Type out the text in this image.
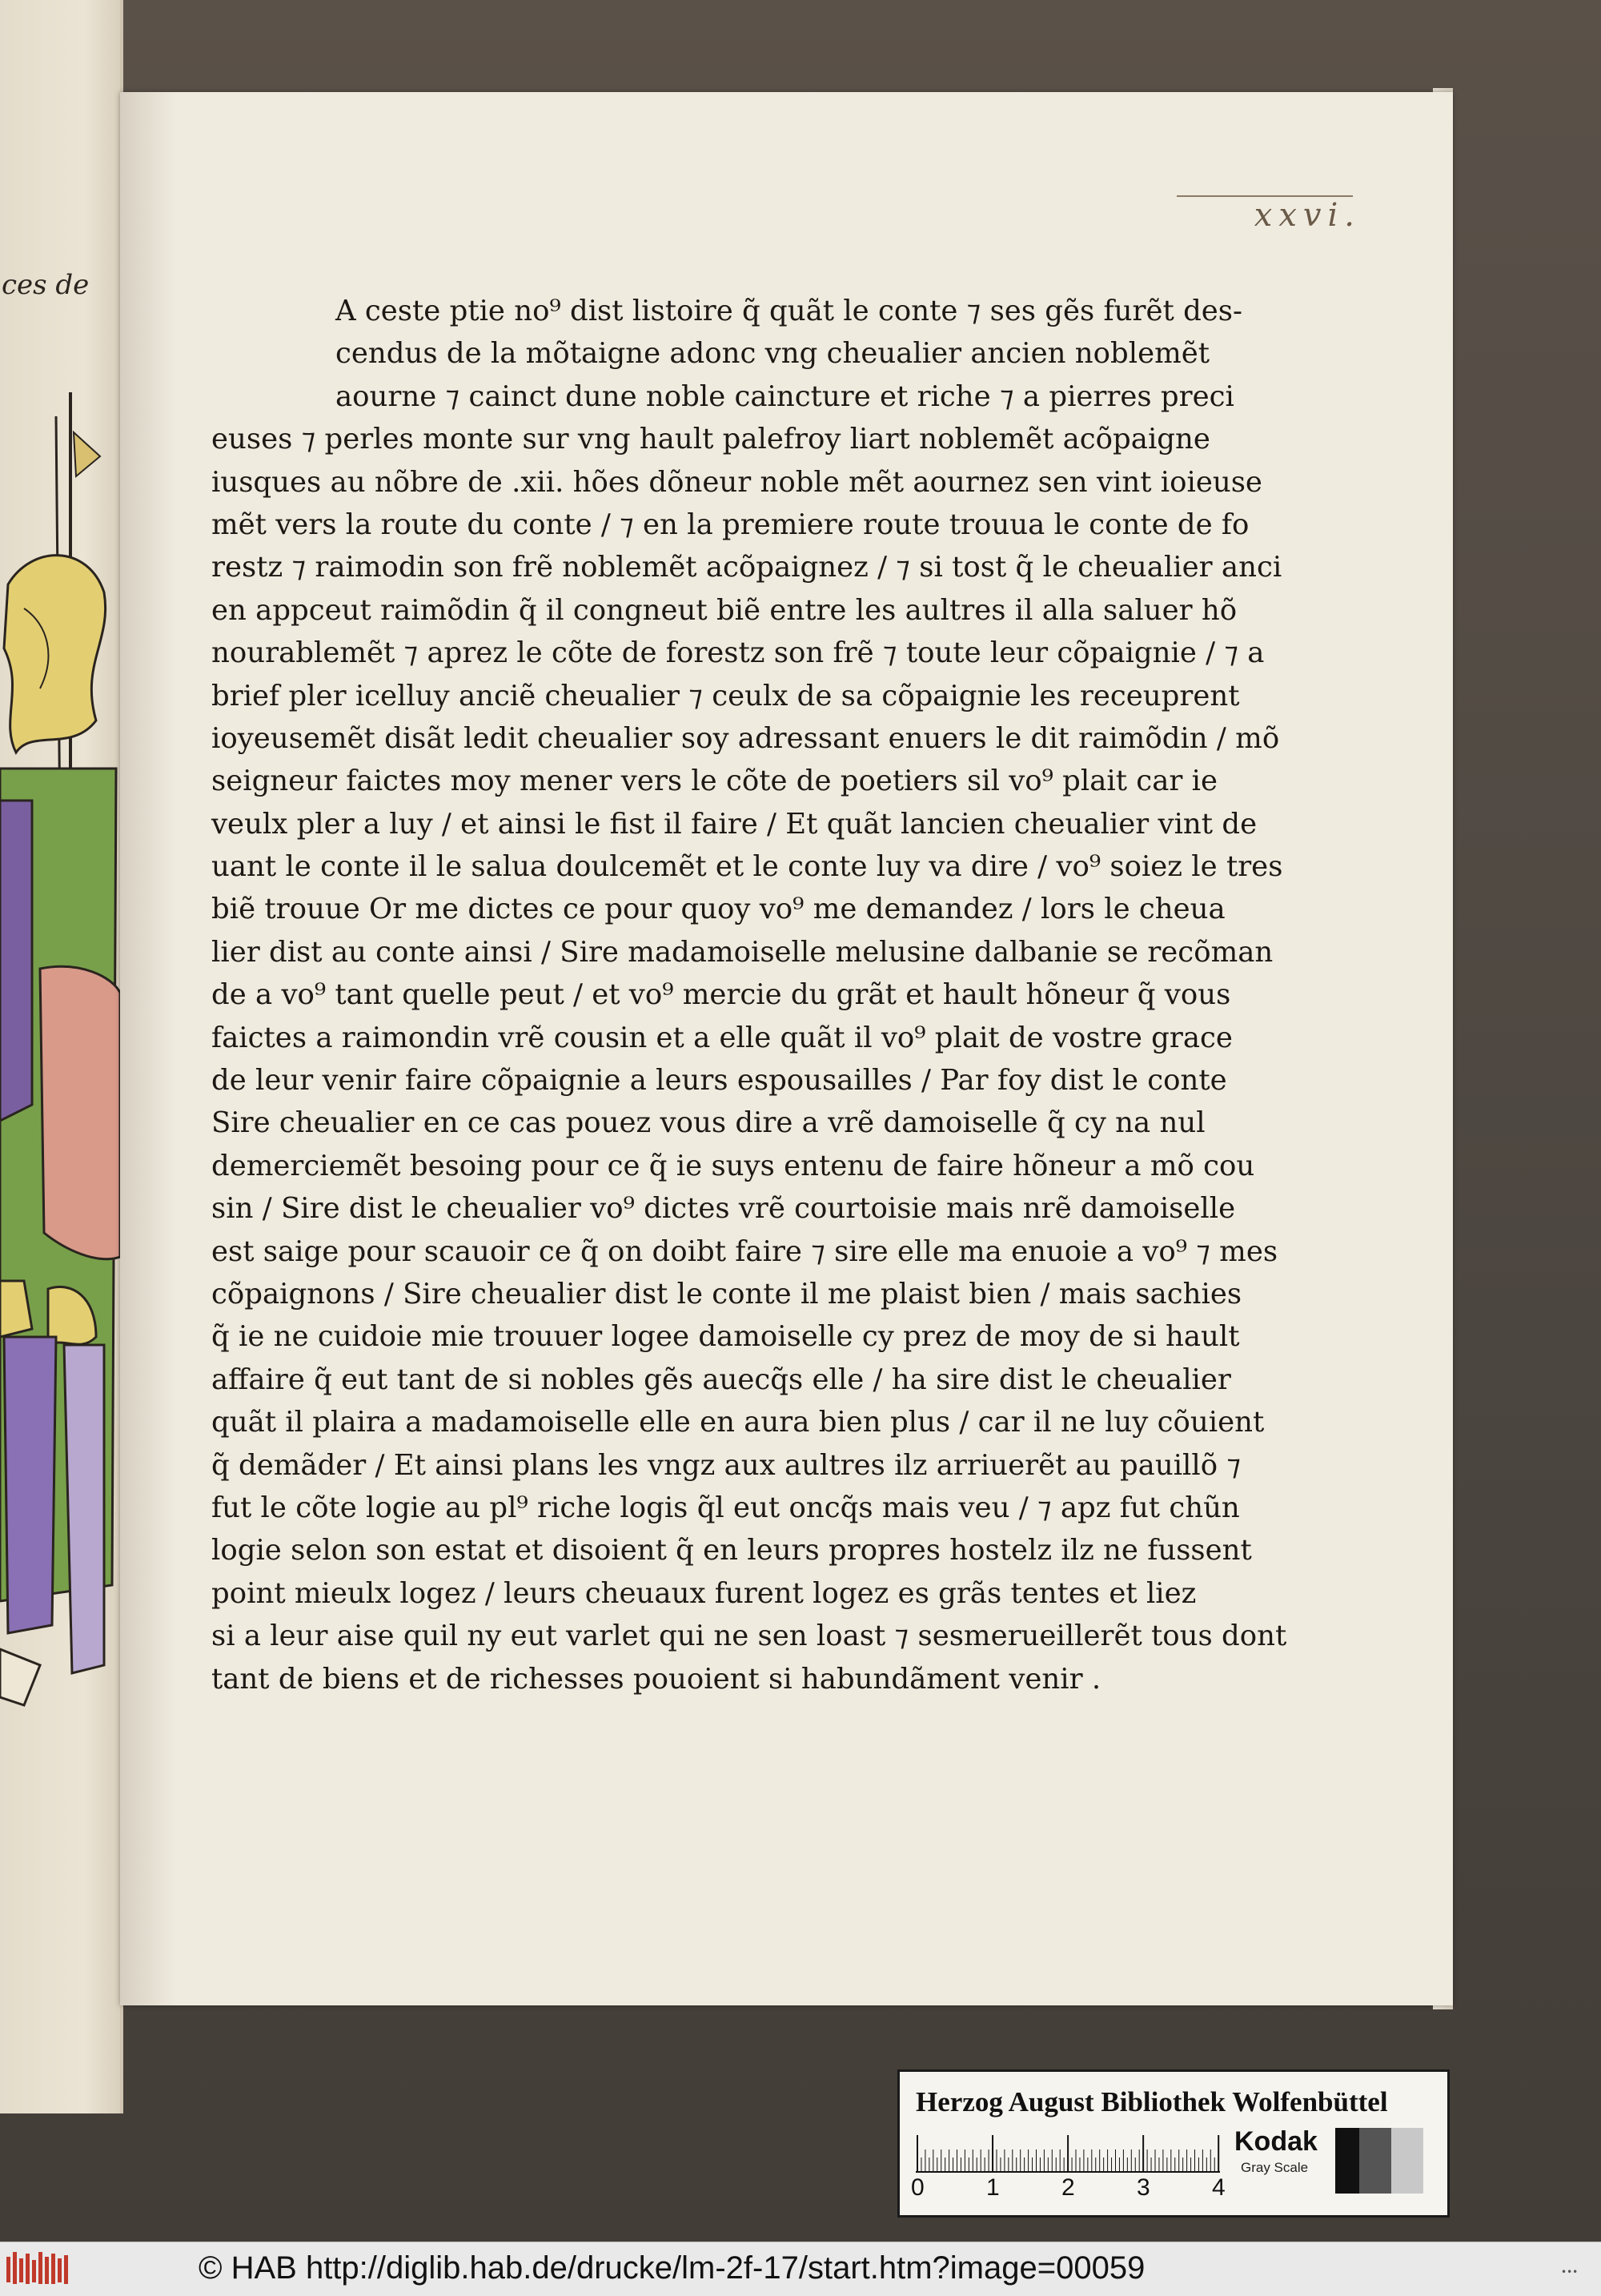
ces de
xxvi.
A ceste ptie no⁹ dist listoire q̃ quãt le conte ⁊ ses gẽs furẽt des-
cendus de la mõtaigne adonc vng cheualier ancien noblemẽt
aourne ⁊ cainct dune noble caincture et riche ⁊ a pierres preci
euses ⁊ perles monte sur vng hault palefroy liart noblemẽt acõpaigne
iusques au nõbre de .xii. hões dõneur noble mẽt aournez sen vint ioieuse
mẽt vers la route du conte / ⁊ en la premiere route trouua le conte de fo
restz ⁊ raimodin son frẽ noblemẽt acõpaignez / ⁊ si tost q̃ le cheualier anci
en appceut raimõdin q̃ il congneut biẽ entre les aultres il alla saluer hõ
nourablemẽt ⁊ aprez le cõte de forestz son frẽ ⁊ toute leur cõpaignie / ⁊ a
brief pler icelluy anciẽ cheualier ⁊ ceulx de sa cõpaignie les receuprent
ioyeusemẽt disãt ledit cheualier soy adressant enuers le dit raimõdin / mõ
seigneur faictes moy mener vers le cõte de poetiers sil vo⁹ plait car ie
veulx pler a luy / et ainsi le fist il faire / Et quãt lancien cheualier vint de
uant le conte il le salua doulcemẽt et le conte luy va dire / vo⁹ soiez le tres
biẽ trouue Or me dictes ce pour quoy vo⁹ me demandez / lors le cheua
lier dist au conte ainsi / Sire madamoiselle melusine dalbanie se recõman
de a vo⁹ tant quelle peut / et vo⁹ mercie du grãt et hault hõneur q̃ vous
faictes a raimondin vrẽ cousin et a elle quãt il vo⁹ plait de vostre grace
de leur venir faire cõpaignie a leurs espousailles / Par foy dist le conte
Sire cheualier en ce cas pouez vous dire a vrẽ damoiselle q̃ cy na nul
demerciemẽt besoing pour ce q̃ ie suys entenu de faire hõneur a mõ cou
sin / Sire dist le cheualier vo⁹ dictes vrẽ courtoisie mais nrẽ damoiselle
est saige pour scauoir ce q̃ on doibt faire ⁊ sire elle ma enuoie a vo⁹ ⁊ mes
cõpaignons / Sire cheualier dist le conte il me plaist bien / mais sachies
q̃ ie ne cuidoie mie trouuer logee damoiselle cy prez de moy de si hault
affaire q̃ eut tant de si nobles gẽs auecq̃s elle / ha sire dist le cheualier
quãt il plaira a madamoiselle elle en aura bien plus / car il ne luy cõuient
q̃ demãder / Et ainsi plans les vngz aux aultres ilz arriuerẽt au pauillõ ⁊
fut le cõte logie au pl⁹ riche logis q̃l eut oncq̃s mais veu / ⁊ apz fut chũn
logie selon son estat et disoient q̃ en leurs propres hostelz ilz ne fussent
point mieulx logez / leurs cheuaux furent logez es grãs tentes et liez
si a leur aise quil ny eut varlet qui ne sen loast ⁊ sesmerueillerẽt tous dont
tant de biens et de richesses pouoient si habundãment venir .
Herzog August Bibliothek Wolfenbüttel
0	1	2	3	4
Kodak
Gray Scale
© HAB http://diglib.hab.de/drucke/lm-2f-17/start.htm?image=00059	•••
